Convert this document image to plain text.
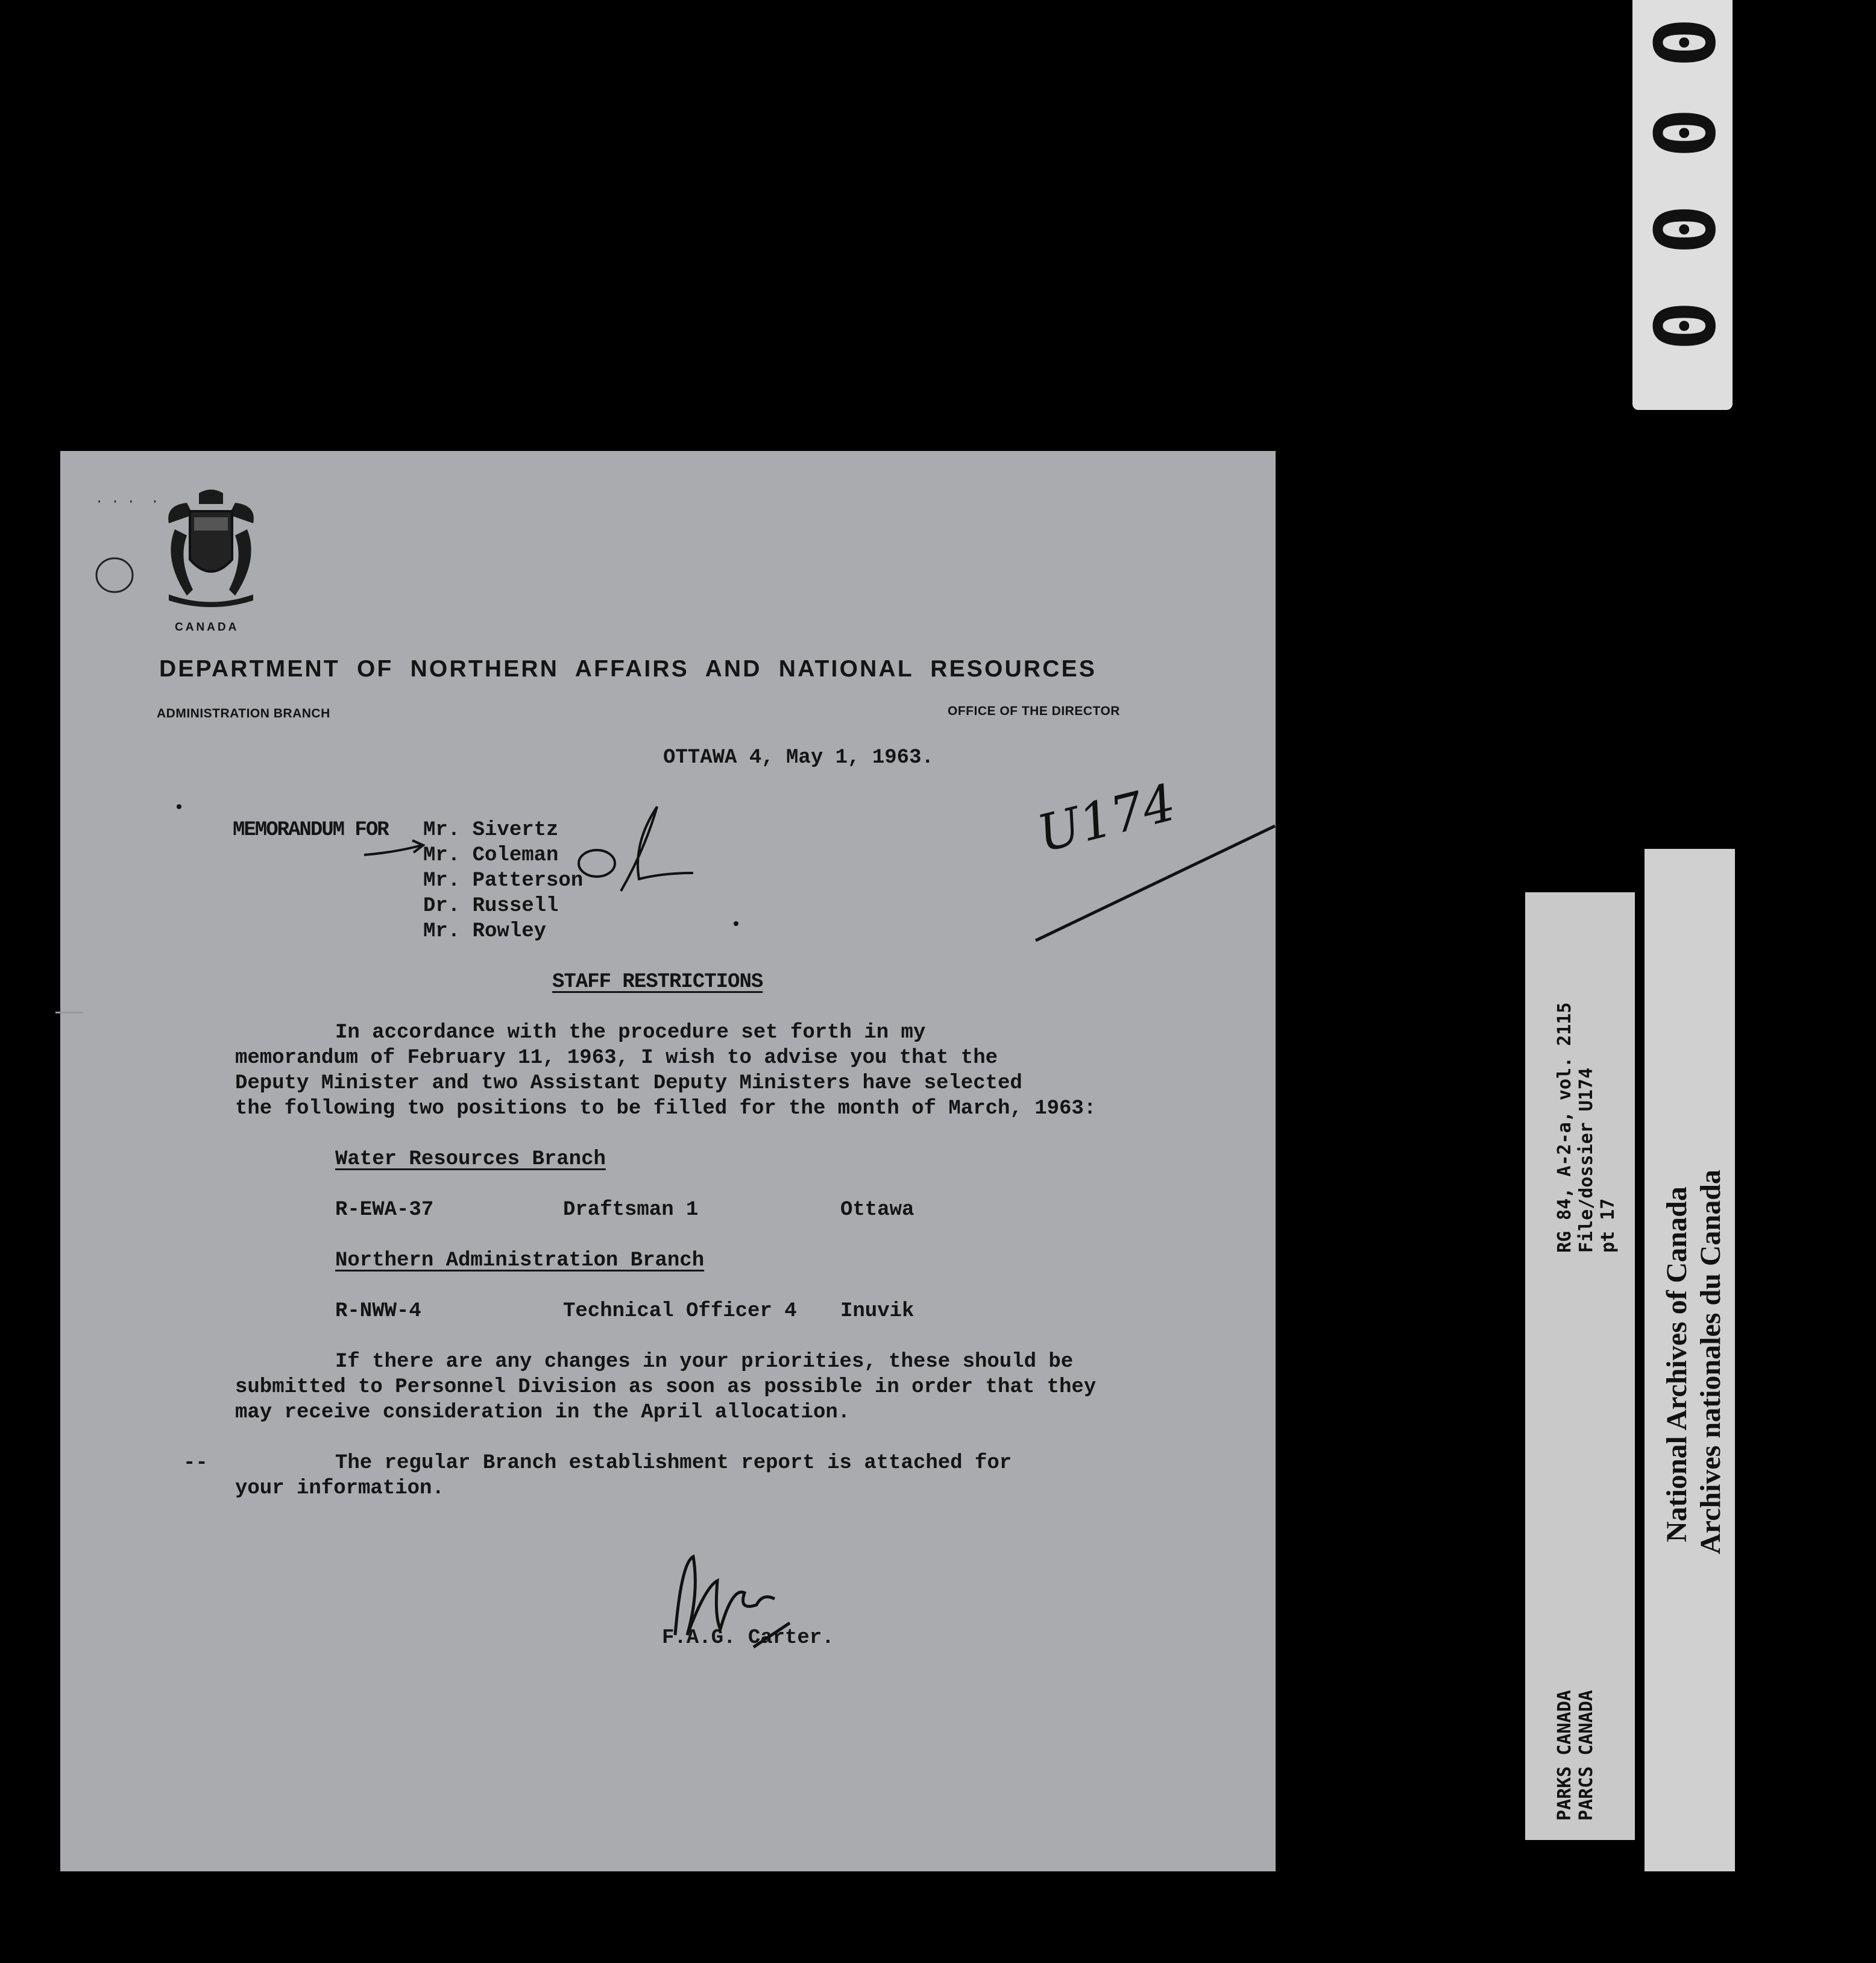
0
0
0
0
· · ·  ·
CANADA
DEPARTMENT OF NORTHERN AFFAIRS AND NATIONAL RESOURCES
ADMINISTRATION BRANCH	OFFICE OF THE DIRECTOR
OTTAWA 4, May 1, 1963.
•
MEMORANDUM FOR Mr. Sivertz
Mr. Coleman
Mr. Patterson
Dr. Russell
Mr. Rowley	•
U174
STAFF RESTRICTIONS
In accordance with the procedure set forth in my
memorandum of February 11, 1963, I wish to advise you that the
Deputy Minister and two Assistant Deputy Ministers have selected
the following two positions to be filled for the month of March, 1963:
Water Resources Branch
R-EWA-37	Draftsman 1	Ottawa
Northern Administration Branch
R-NWW-4	Technical Officer 4 Inuvik
If there are any changes in your priorities, these should be
submitted to Personnel Division as soon as possible in order that they
may receive consideration in the April allocation.
--	The regular Branch establishment report is attached for
your information.
F.A.G. Carter.
RG 84, A-2-a, vol. 2115 File/dossier U174 pt 17
PARKS CANADA PARCS CANADA
National Archives of Canada Archives nationales du Canada
